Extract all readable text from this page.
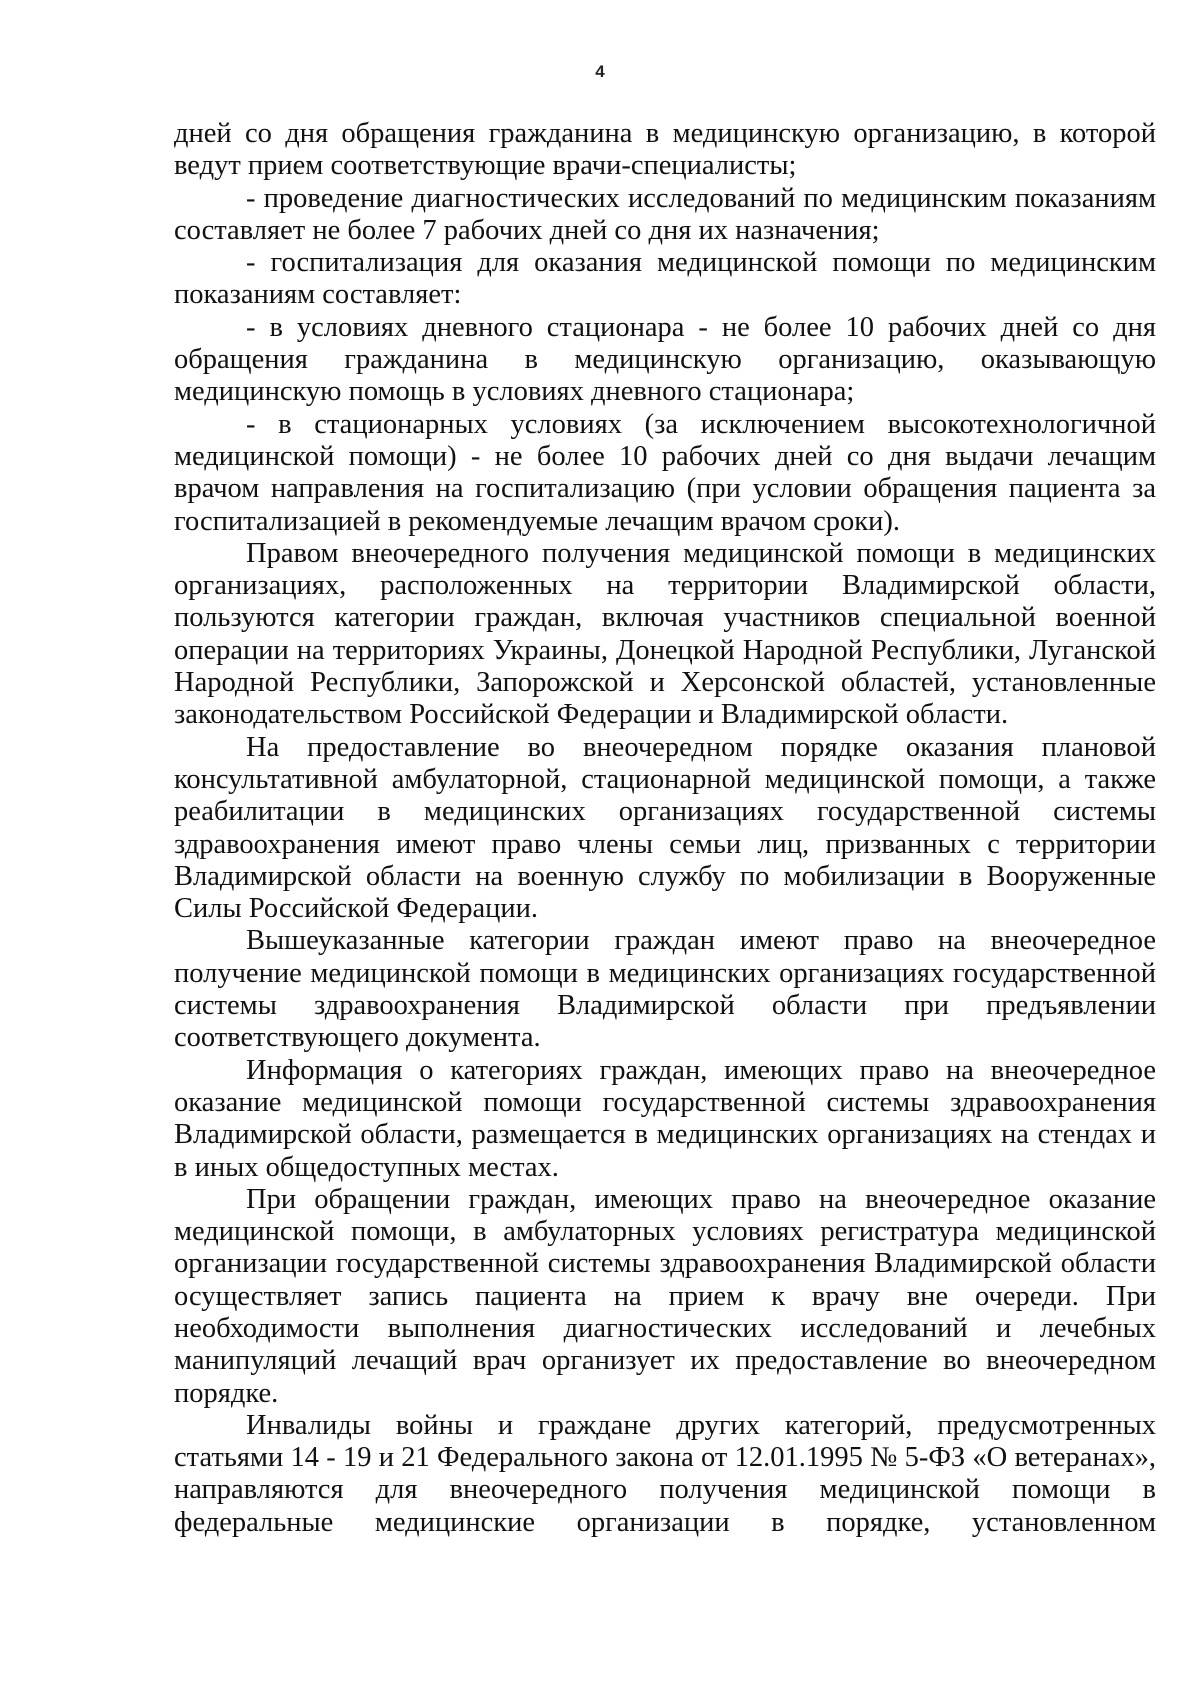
4

дней со дня обращения гражданина в медицинскую организацию, в которой ведут прием соответствующие врачи-специалисты;

- проведение диагностических исследований по медицинским показаниям составляет не более 7 рабочих дней со дня их назначения;

- госпитализация для оказания медицинской помощи по медицинским показаниям составляет:

- в условиях дневного стационара - не более 10 рабочих дней со дня обращения гражданина в медицинскую организацию, оказывающую медицинскую помощь в условиях дневного стационара;

- в стационарных условиях (за исключением высокотехнологичной медицинской помощи) - не более 10 рабочих дней со дня выдачи лечащим врачом направления на госпитализацию (при условии обращения пациента за госпитализацией в рекомендуемые лечащим врачом сроки).

Правом внеочередного получения медицинской помощи в медицинских организациях, расположенных на территории Владимирской области, пользуются категории граждан, включая участников специальной военной операции на территориях Украины, Донецкой Народной Республики, Луганской Народной Республики, Запорожской и Херсонской областей, установленные законодательством Российской Федерации и Владимирской области.

На предоставление во внеочередном порядке оказания плановой консультативной амбулаторной, стационарной медицинской помощи, а также реабилитации в медицинских организациях государственной системы здравоохранения имеют право члены семьи лиц, призванных с территории Владимирской области на военную службу по мобилизации в Вооруженные Силы Российской Федерации.

Вышеуказанные категории граждан имеют право на внеочередное получение медицинской помощи в медицинских организациях государственной системы здравоохранения Владимирской области при предъявлении соответствующего документа.

Информация о категориях граждан, имеющих право на внеочередное оказание медицинской помощи государственной системы здравоохранения Владимирской области, размещается в медицинских организациях на стендах и в иных общедоступных местах.

При обращении граждан, имеющих право на внеочередное оказание медицинской помощи, в амбулаторных условиях регистратура медицинской организации государственной системы здравоохранения Владимирской области осуществляет запись пациента на прием к врачу вне очереди. При необходимости выполнения диагностических исследований и лечебных манипуляций лечащий врач организует их предоставление во внеочередном порядке.

Инвалиды войны и граждане других категорий, предусмотренных статьями 14 - 19 и 21 Федерального закона от 12.01.1995 № 5-ФЗ «О ветеранах», направляются для внеочередного получения медицинской помощи в федеральные медицинские организации в порядке, установленном
